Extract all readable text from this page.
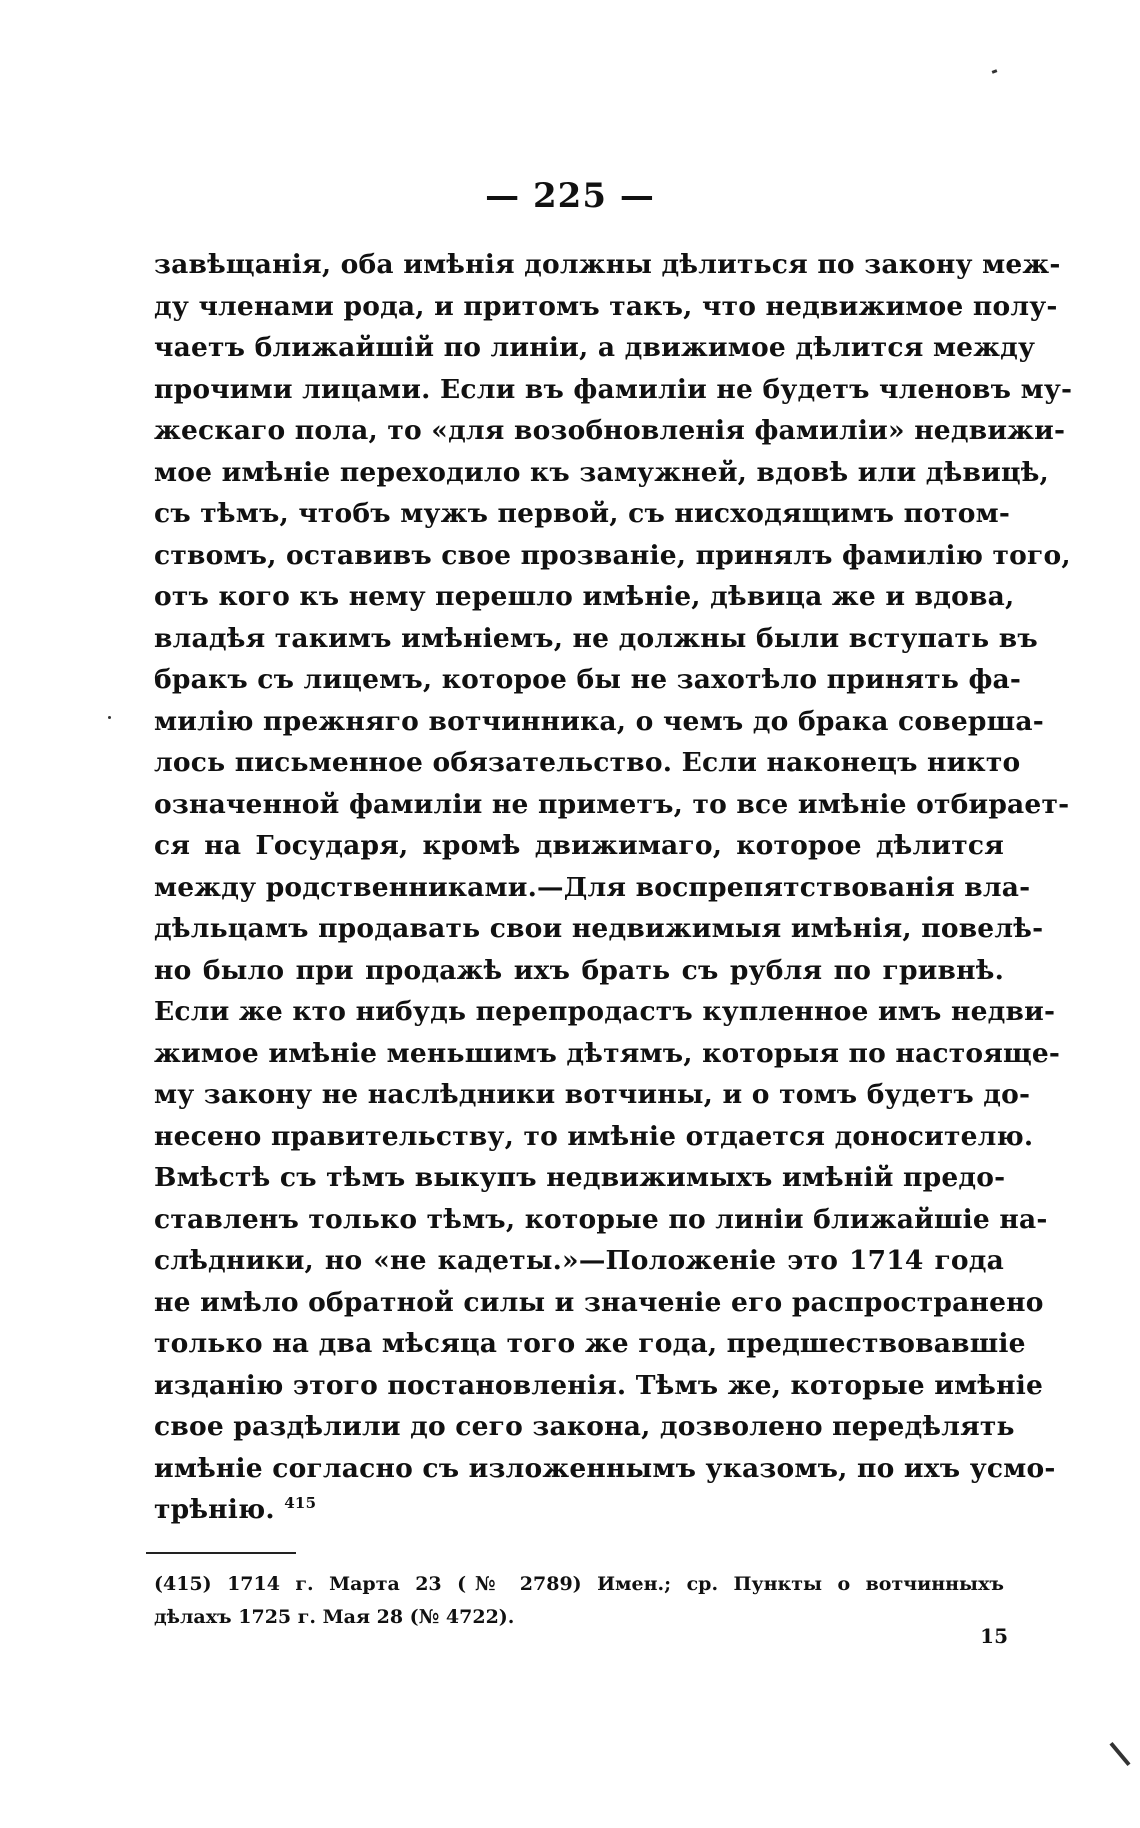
— 225 —
завѣщанія, оба имѣнія должны дѣлиться по закону меж-
ду членами рода, и притомъ такъ, что недвижимое полу-
чаетъ ближайшій по линіи, а движимое дѣлится между
прочими лицами. Если въ фамиліи не будетъ членовъ му-
жескаго пола, то «для возобновленія фамиліи» недвижи-
мое имѣніе переходило къ замужней, вдовѣ или дѣвицѣ,
съ тѣмъ, чтобъ мужъ первой, съ нисходящимъ потом-
ствомъ, оставивъ свое прозваніе, принялъ фамилію того,
отъ кого къ нему перешло имѣніе, дѣвица же и вдова,
владѣя такимъ имѣніемъ, не должны были вступать въ
бракъ съ лицемъ, которое бы не захотѣло принять фа-
милію прежняго вотчинника, о чемъ до брака соверша-
лось письменное обязательство. Если наконецъ никто
означенной фамиліи не приметъ, то все имѣніе отбирает-
ся на Государя, кромѣ движимаго, которое дѣлится
между родственниками.—Для воспрепятствованія вла-
дѣльцамъ продавать свои недвижимыя имѣнія, повелѣ-
но было при продажѣ ихъ брать съ рубля по гривнѣ.
Если же кто нибудь перепродастъ купленное имъ недви-
жимое имѣніе меньшимъ дѣтямъ, которыя по настояще-
му закону не наслѣдники вотчины, и о томъ будетъ до-
несено правительству, то имѣніе отдается доносителю.
Вмѣстѣ съ тѣмъ выкупъ недвижимыхъ имѣній предо-
ставленъ только тѣмъ, которые по линіи ближайшіе на-
слѣдники, но «не кадеты.»—Положеніе это 1714 года
не имѣло обратной силы и значеніе его распространено
только на два мѣсяца того же года, предшествовавшіе
изданію этого постановленія. Тѣмъ же, которые имѣніе
свое раздѣлили до сего закона, дозволено передѣлять
имѣніе согласно съ изложеннымъ указомъ, по ихъ усмо-
трѣнію. $^{415}$
(415) 1714 г. Марта 23 (№ 2789) Имен.; ср. Пункты о вотчинныхъ
дѣлахъ 1725 г. Мая 28 (№ 4722).
15
